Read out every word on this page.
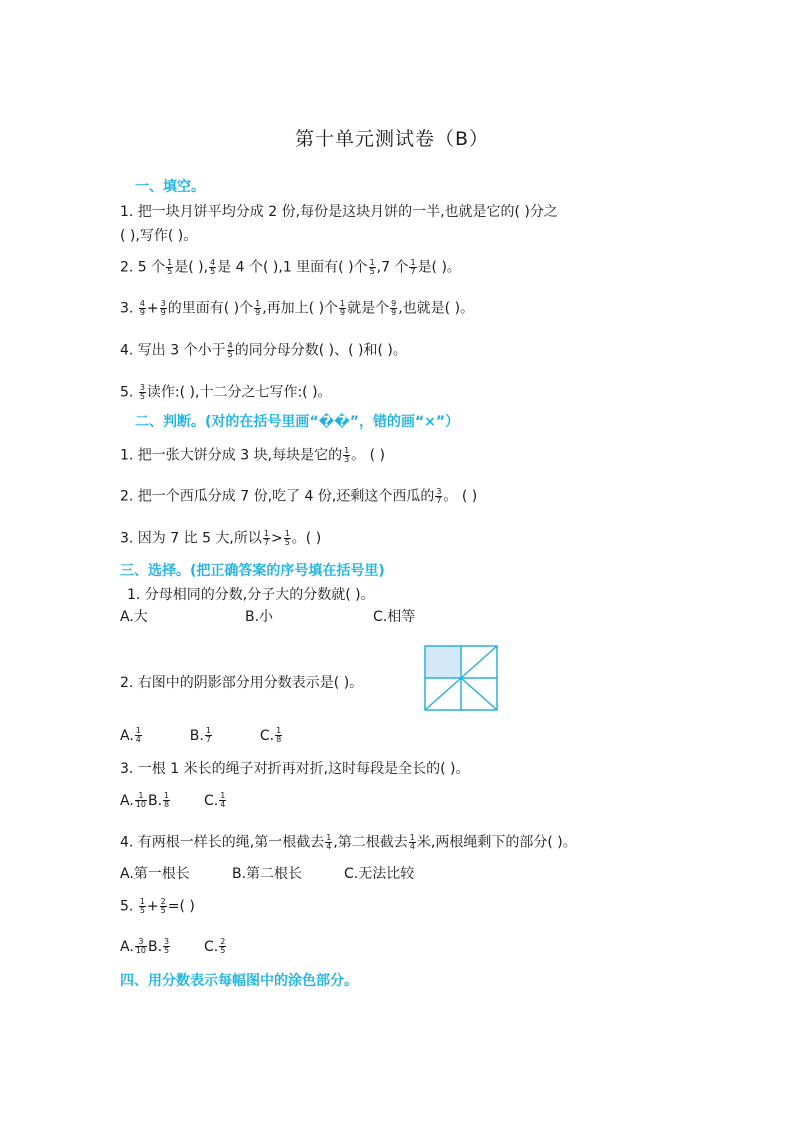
第十单元测试卷（B）
一、填空。
1. 把一块月饼平均分成 2 份,每份是这块月饼的一半,也就是它的( )分之
( ),写作( )。
2. 5 个 $\frac{1}{5}$ 是( ), $\frac{4}{5}$ 是 4 个( ),1 里面有( )个 $\frac{1}{5} ,7$ 个 $\frac{1}{7}$ 是( )。
3. $\frac{4}{9} + \frac{3}{9}$ 的里面有( )个 $\frac{1}{9}$ ,再加上( )个 $\frac{1}{9}$ 就是个 $\frac{9}{9}$ ,也就是( )。
4. 写出 3 个小于 $\frac{4}{5}$ 的同分母分数( )、( )和( )。
5. $\frac{3}{5}$ 读作:( ),十二分之七写作:( )。
二、判断。(对的在括号里画“��”，错的画“×”）
1. 把一张大饼分成 3 块,每块是它的 $\frac{1}{3}$ 。 ( )
2. 把一个西瓜分成 7 份,吃了 4 份,还剩这个西瓜的 $\frac{3}{7}$ 。 ( )
3. 因为 7 比 5 大,所以 $\frac{1}{7} > \frac{1}{5}$ 。( )
三、选择。(把正确答案的序号填在括号里)
1. 分母相同的分数,分子大的分数就( )。
A.大	B.小	C.相等
2. 右图中的阴影部分用分数表示是( )。
A. $\frac{1}{4}$	B. $\frac{1}{7}$	C. $\frac{1}{8}$
3. 一根 1 米长的绳子对折再对折,这时每段是全长的( )。
A. $\frac{1}{10} B$. $\frac{1}{8} C$. $\frac{1}{4}$
4. 有两根一样长的绳,第一根截去 $\frac{1}{4}$ ,第二根截去 $\frac{1}{4}$ 米,两根绳剩下的部分( )。
A.第一根长	B.第二根长	C.无法比较
5. $\frac{1}{5} + \frac{2}{5}$ =( )
A. $\frac{3}{10} B$. $\frac{3}{5} C$. $\frac{2}{5}$
四、用分数表示每幅图中的涂色部分。
